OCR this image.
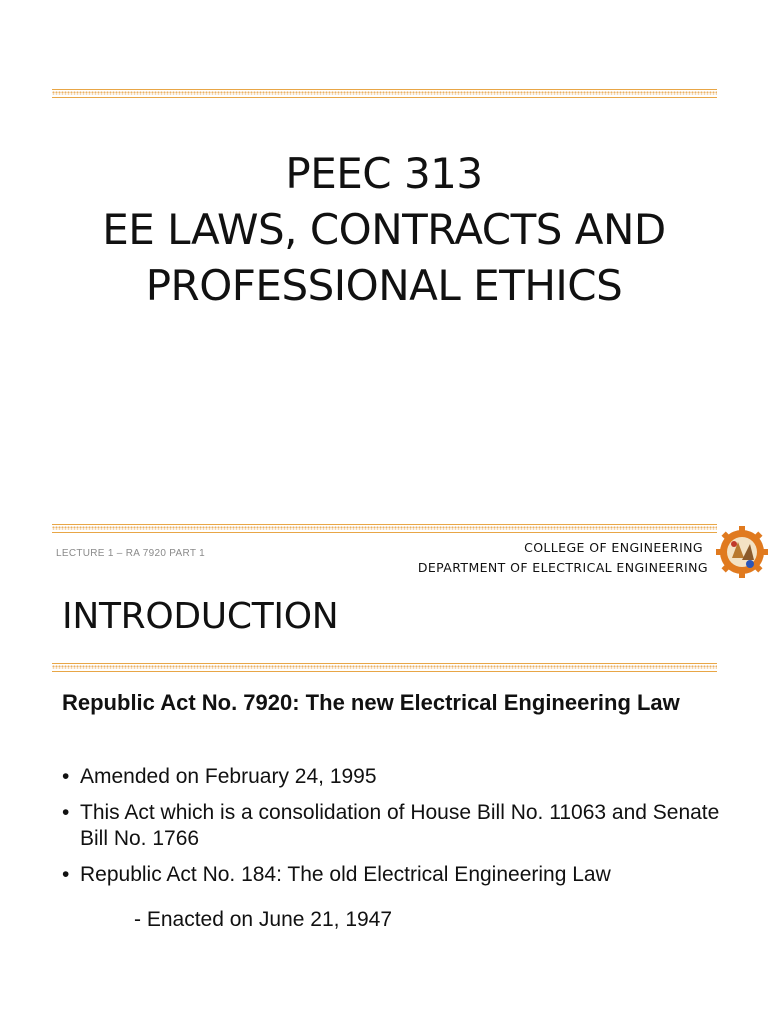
PEEC 313
EE LAWS, CONTRACTS AND
PROFESSIONAL ETHICS
LECTURE 1 – RA 7920 PART 1	COLLEGE OF ENGINEERING
DEPARTMENT OF ELECTRICAL ENGINEERING
INTRODUCTION
Republic Act No. 7920: The new Electrical Engineering Law
• Amended on February 24, 1995
• This Act which is a consolidation of House Bill No. 11063 and Senate Bill No. 1766
• Republic Act No. 184: The old Electrical Engineering Law
- Enacted on June 21, 1947
